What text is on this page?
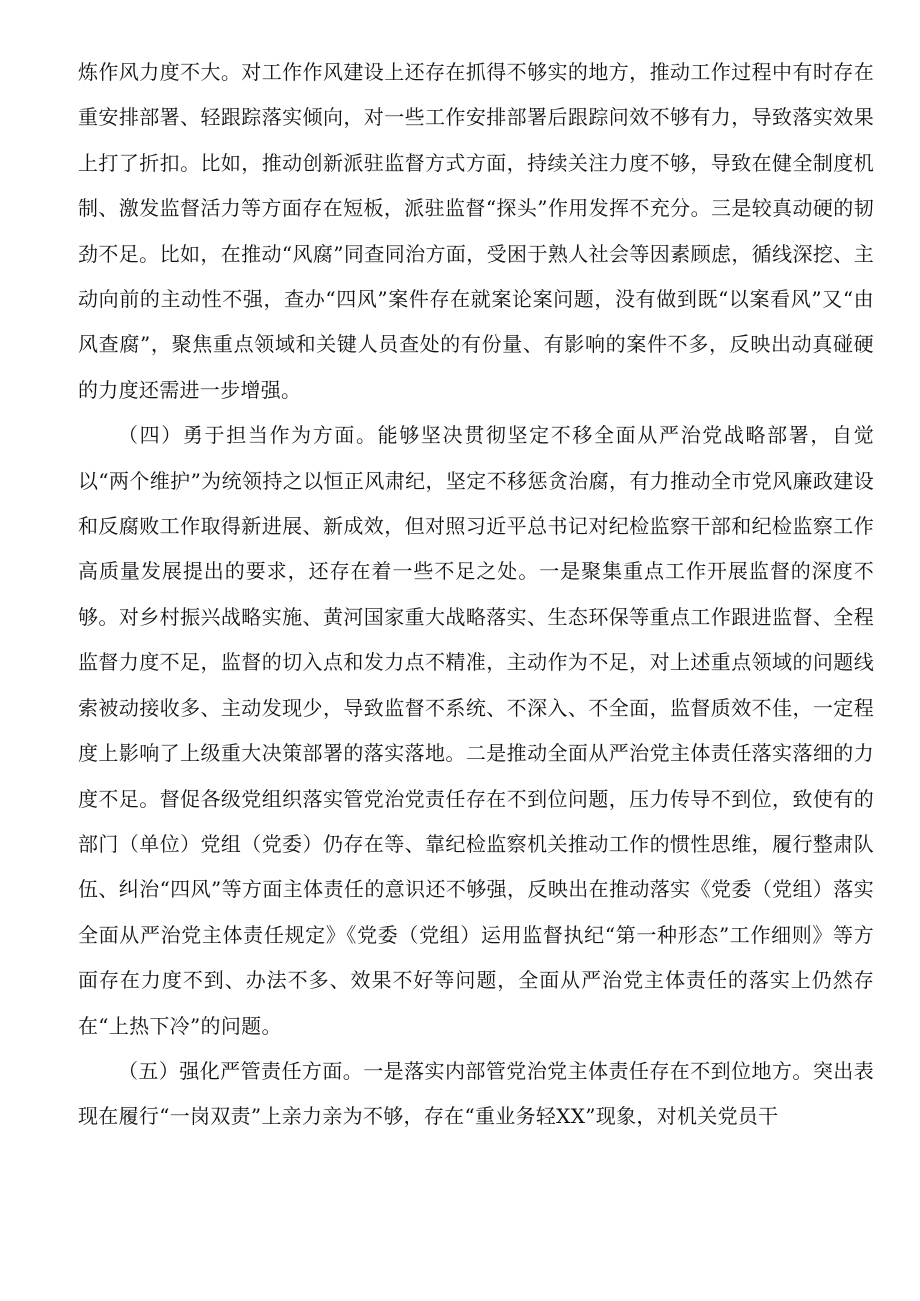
炼作风力度不大。对工作作风建设上还存在抓得不够实的地方，推动工作过程中有时存在重安排部署、轻跟踪落实倾向，对一些工作安排部署后跟踪问效不够有力，导致落实效果上打了折扣。比如，推动创新派驻监督方式方面，持续关注力度不够，导致在健全制度机制、激发监督活力等方面存在短板，派驻监督“探头”作用发挥不充分。三是较真动硬的韧劲不足。比如，在推动“风腐”同查同治方面，受困于熟人社会等因素顾虑，循线深挖、主动向前的主动性不强，查办“四风”案件存在就案论案问题，没有做到既“以案看风”又“由风查腐”，聚焦重点领域和关键人员查处的有份量、有影响的案件不多，反映出动真碰硬的力度还需进一步增强。

（四）勇于担当作为方面。能够坚决贯彻坚定不移全面从严治党战略部署，自觉以“两个维护”为统领持之以恒正风肃纪，坚定不移惩贪治腐，有力推动全市党风廉政建设和反腐败工作取得新进展、新成效，但对照习近平总书记对纪检监察干部和纪检监察工作高质量发展提出的要求，还存在着一些不足之处。一是聚集重点工作开展监督的深度不够。对乡村振兴战略实施、黄河国家重大战略落实、生态环保等重点工作跟进监督、全程监督力度不足，监督的切入点和发力点不精准，主动作为不足，对上述重点领域的问题线索被动接收多、主动发现少，导致监督不系统、不深入、不全面，监督质效不佳，一定程度上影响了上级重大决策部署的落实落地。二是推动全面从严治党主体责任落实落细的力度不足。督促各级党组织落实管党治党责任存在不到位问题，压力传导不到位，致使有的部门（单位）党组（党委）仍存在等、靠纪检监察机关推动工作的惯性思维，履行整肃队伍、纠治“四风”等方面主体责任的意识还不够强，反映出在推动落实《党委（党组）落实全面从严治党主体责任规定》《党委（党组）运用监督执纪“第一种形态”工作细则》等方面存在力度不到、办法不多、效果不好等问题，全面从严治党主体责任的落实上仍然存在“上热下冷”的问题。

（五）强化严管责任方面。一是落实内部管党治党主体责任存在不到位地方。突出表现在履行“一岗双责”上亲力亲为不够，存在“重业务轻XX”现象，对机关党员干
